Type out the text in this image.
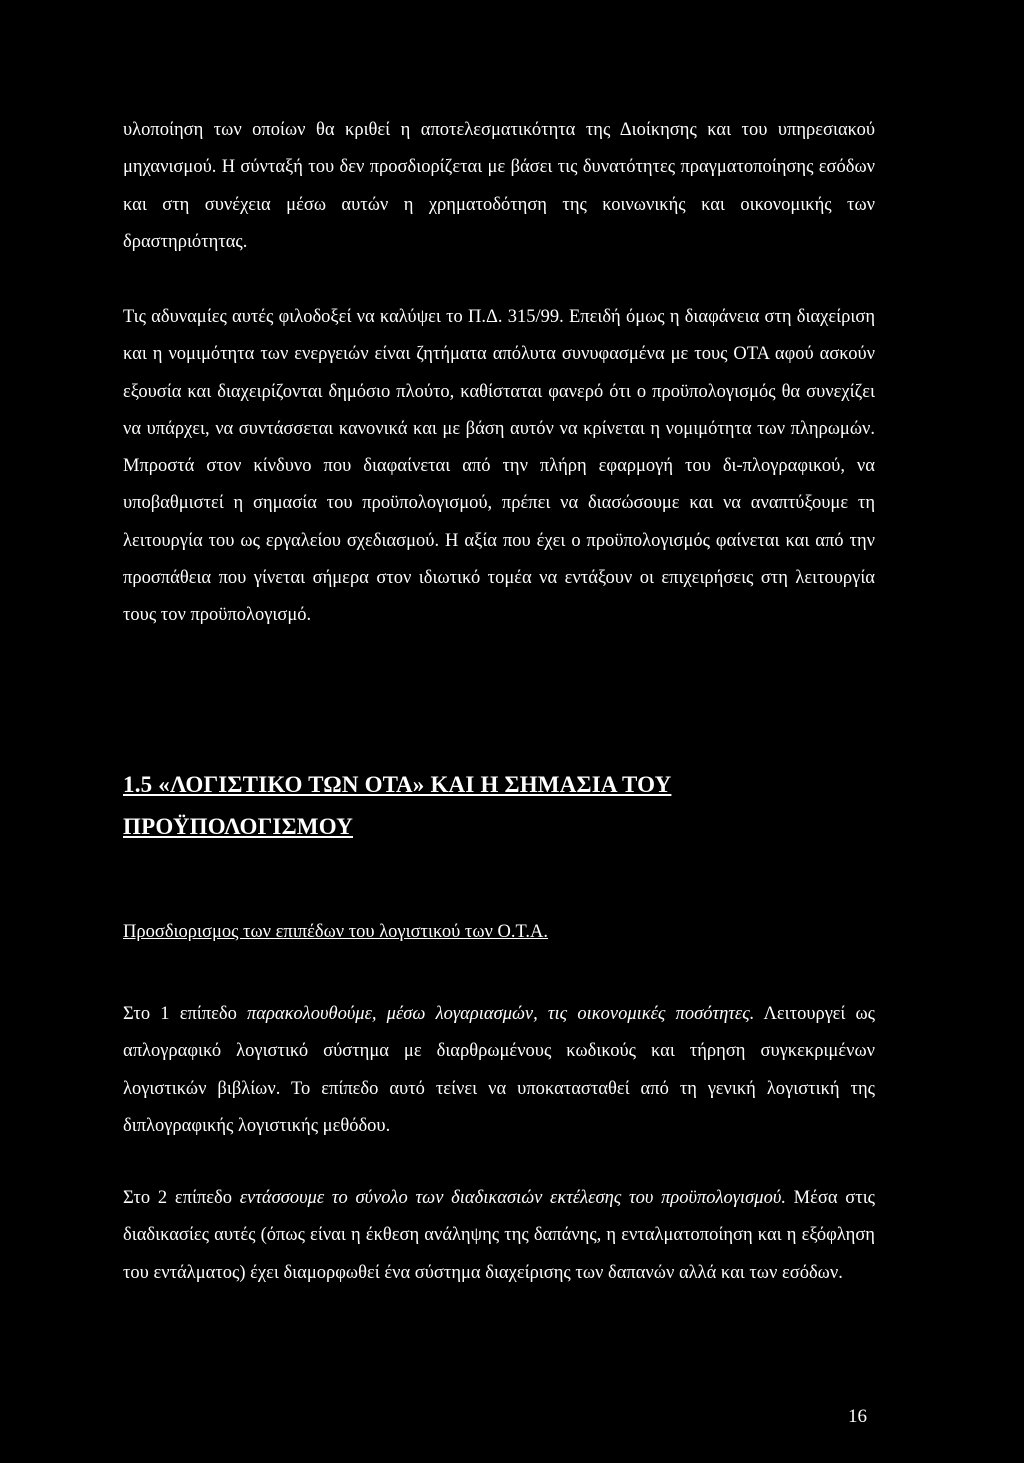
υλοποίηση των οποίων θα κριθεί η αποτελεσματικότητα της Διοίκησης και του υπηρεσιακού μηχανισμού. Η σύνταξή του δεν προσδιορίζεται με βάσει τις δυνατότητες πραγματοποίησης εσόδων και στη συνέχεια μέσω αυτών η χρηματοδότηση της κοινωνικής και οικονομικής των δραστηριότητας.

Τις αδυναμίες αυτές φιλοδοξεί να καλύψει το Π.Δ. 315/99. Επειδή όμως η διαφάνεια στη διαχείριση και η νομιμότητα των ενεργειών είναι ζητήματα απόλυτα συνυφασμένα με τους ΟΤΑ αφού ασκούν εξουσία και διαχειρίζονται δημόσιο πλούτο, καθίσταται φανερό ότι ο προϋπολογισμός θα συνεχίζει να υπάρχει, να συντάσσεται κανονικά και με βάση αυτόν να κρίνεται η νομιμότητα των πληρωμών. Μπροστά στον κίνδυνο που διαφαίνεται από την πλήρη εφαρμογή του δι-πλογραφικού, να υποβαθμιστεί η σημασία του προϋπολογισμού, πρέπει να διασώσουμε και να αναπτύξουμε τη λειτουργία του ως εργαλείου σχεδιασμού. Η αξία που έχει ο προϋπολογισμός φαίνεται και από την προσπάθεια που γίνεται σήμερα στον ιδιωτικό τομέα να εντάξουν οι επιχειρήσεις στη λειτουργία τους τον προϋπολογισμό.

1.5 «ΛΟΓΙΣΤΙΚΟ ΤΩΝ ΟΤΑ» ΚΑΙ Η ΣΗΜΑΣΙΑ ΤΟΥ

ΠΡΟΫΠΟΛΟΓΙΣΜΟΥ

Προσδιορισμος των επιπέδων του λογιστικού των Ο.Τ.Α.

Στο 1 επίπεδο παρακολουθούμε, μέσω λογαριασμών, τις οικονομικές ποσότητες. Λειτουργεί ως απλογραφικό λογιστικό σύστημα με διαρθρωμένους κωδικούς και τήρηση συγκεκριμένων λογιστικών βιβλίων. Το επίπεδο αυτό τείνει να υποκατασταθεί από τη γενική λογιστική της διπλογραφικής λογιστικής μεθόδου.

Στο 2 επίπεδο εντάσσουμε το σύνολο των διαδικασιών εκτέλεσης του προϋπολογισμού. Μέσα στις διαδικασίες αυτές (όπως είναι η έκθεση ανάληψης της δαπάνης, η ενταλματοποίηση και η εξόφληση του εντάλματος) έχει διαμορφωθεί ένα σύστημα διαχείρισης των δαπανών αλλά και των εσόδων.

16
